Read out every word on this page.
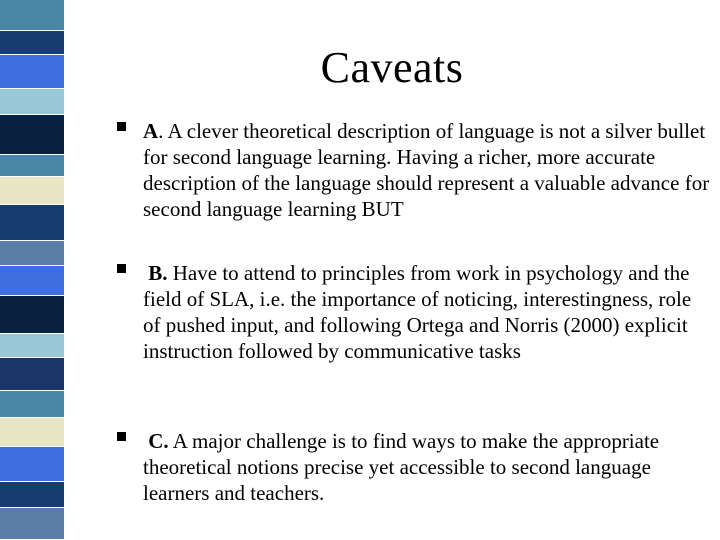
Caveats
A. A clever theoretical description of language is not a silver bullet for second language learning. Having a richer, more accurate description of the language should represent a valuable advance for second language learning BUT
B. Have to attend to principles from work in psychology and the field of SLA, i.e. the importance of noticing, interestingness, role of pushed input, and following Ortega and Norris (2000) explicit instruction followed by communicative tasks
C. A major challenge is to find ways to make the appropriate theoretical notions precise yet accessible to second language learners and teachers.
